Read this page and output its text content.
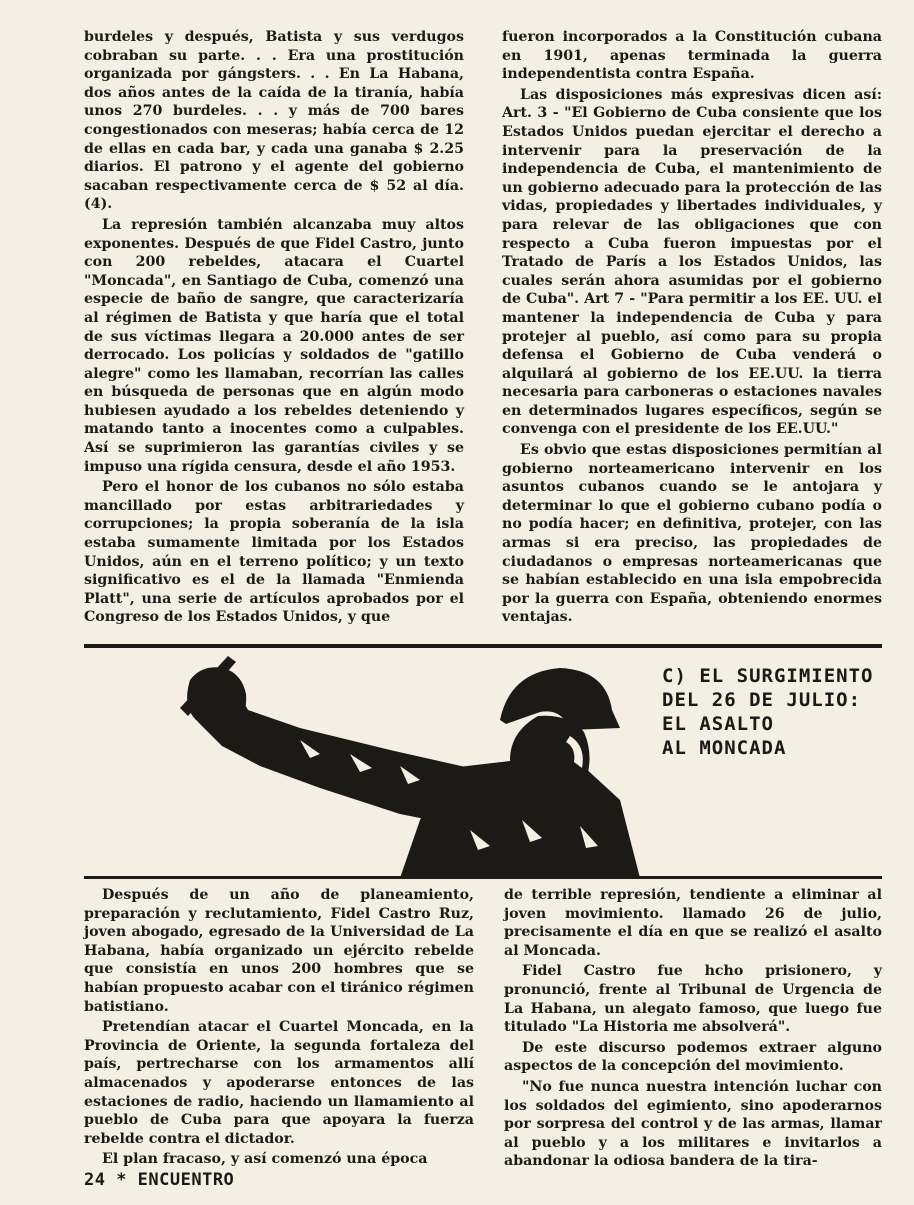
burdeles y después, Batista y sus verdugos cobraban su parte. . . Era una prostitución organizada por gángsters. . . En La Habana, dos años antes de la caída de la tiranía, había unos 270 burdeles. . . y más de 700 bares congestionados con meseras; había cerca de 12 de ellas en cada bar, y cada una ganaba $ 2.25 diarios. El patrono y el agente del gobierno sacaban respectivamente cerca de $ 52 al día. (4).

La represión también alcanzaba muy altos exponentes. Después de que Fidel Castro, junto con 200 rebeldes, atacara el Cuartel "Moncada", en Santiago de Cuba, comenzó una especie de baño de sangre, que caracterizaría al régimen de Batista y que haría que el total de sus víctimas llegara a 20.000 antes de ser derrocado. Los policías y soldados de "gatillo alegre" como les llamaban, recorrían las calles en búsqueda de personas que en algún modo hubiesen ayudado a los rebeldes deteniendo y matando tanto a inocentes como a culpables. Así se suprimieron las garantías civiles y se impuso una rígida censura, desde el año 1953.

Pero el honor de los cubanos no sólo estaba mancillado por estas arbitrariedades y corrupciones; la propia soberanía de la isla estaba sumamente limitada por los Estados Unidos, aún en el terreno político; y un texto significativo es el de la llamada "Enmienda Platt", una serie de artículos aprobados por el Congreso de los Estados Unidos, y que

fueron incorporados a la Constitución cubana en 1901, apenas terminada la guerra independentista contra España.

Las disposiciones más expresivas dicen así: Art. 3 - "El Gobierno de Cuba consiente que los Estados Unidos puedan ejercitar el derecho a intervenir para la preservación de la independencia de Cuba, el mantenimiento de un gobierno adecuado para la protección de las vidas, propiedades y libertades individuales, y para relevar de las obligaciones que con respecto a Cuba fueron impuestas por el Tratado de París a los Estados Unidos, las cuales serán ahora asumidas por el gobierno de Cuba". Art 7 - "Para permitir a los EE. UU. el mantener la independencia de Cuba y para protejer al pueblo, así como para su propia defensa el Gobierno de Cuba venderá o alquilará al gobierno de los EE.UU. la tierra necesaria para carboneras o estaciones navales en determinados lugares específicos, según se convenga con el presidente de los EE.UU."

Es obvio que estas disposiciones permitían al gobierno norteamericano intervenir en los asuntos cubanos cuando se le antojara y determinar lo que el gobierno cubano podía o no podía hacer; en definitiva, protejer, con las armas si era preciso, las propiedades de ciudadanos o empresas norteamericanas que se habían establecido en una isla empobrecida por la guerra con España, obteniendo enormes ventajas.

C) EL SURGIMIENTO
DEL 26 DE JULIO:
EL ASALTO
AL MONCADA

Después de un año de planeamiento, preparación y reclutamiento, Fidel Castro Ruz, joven abogado, egresado de la Universidad de La Habana, había organizado un ejército rebelde que consistía en unos 200 hombres que se habían propuesto acabar con el tiránico régimen batistiano.

Pretendían atacar el Cuartel Moncada, en la Provincia de Oriente, la segunda fortaleza del país, pertrecharse con los armamentos allí almacenados y apoderarse entonces de las estaciones de radio, haciendo un llamamiento al pueblo de Cuba para que apoyara la fuerza rebelde contra el dictador.

El plan fracaso, y así comenzó una época

de terrible represión, tendiente a eliminar al joven movimiento. llamado 26 de julio, precisamente el día en que se realizó el asalto al Moncada.

Fidel Castro fue hcho prisionero, y pronunció, frente al Tribunal de Urgencia de La Habana, un alegato famoso, que luego fue titulado "La Historia me absolverá".

De este discurso podemos extraer alguno aspectos de la concepción del movimiento.

"No fue nunca nuestra intención luchar con los soldados del egimiento, sino apoderarnos por sorpresa del control y de las armas, llamar al pueblo y a los militares e invitarlos a abandonar la odiosa bandera de la tira-

24 * ENCUENTRO
